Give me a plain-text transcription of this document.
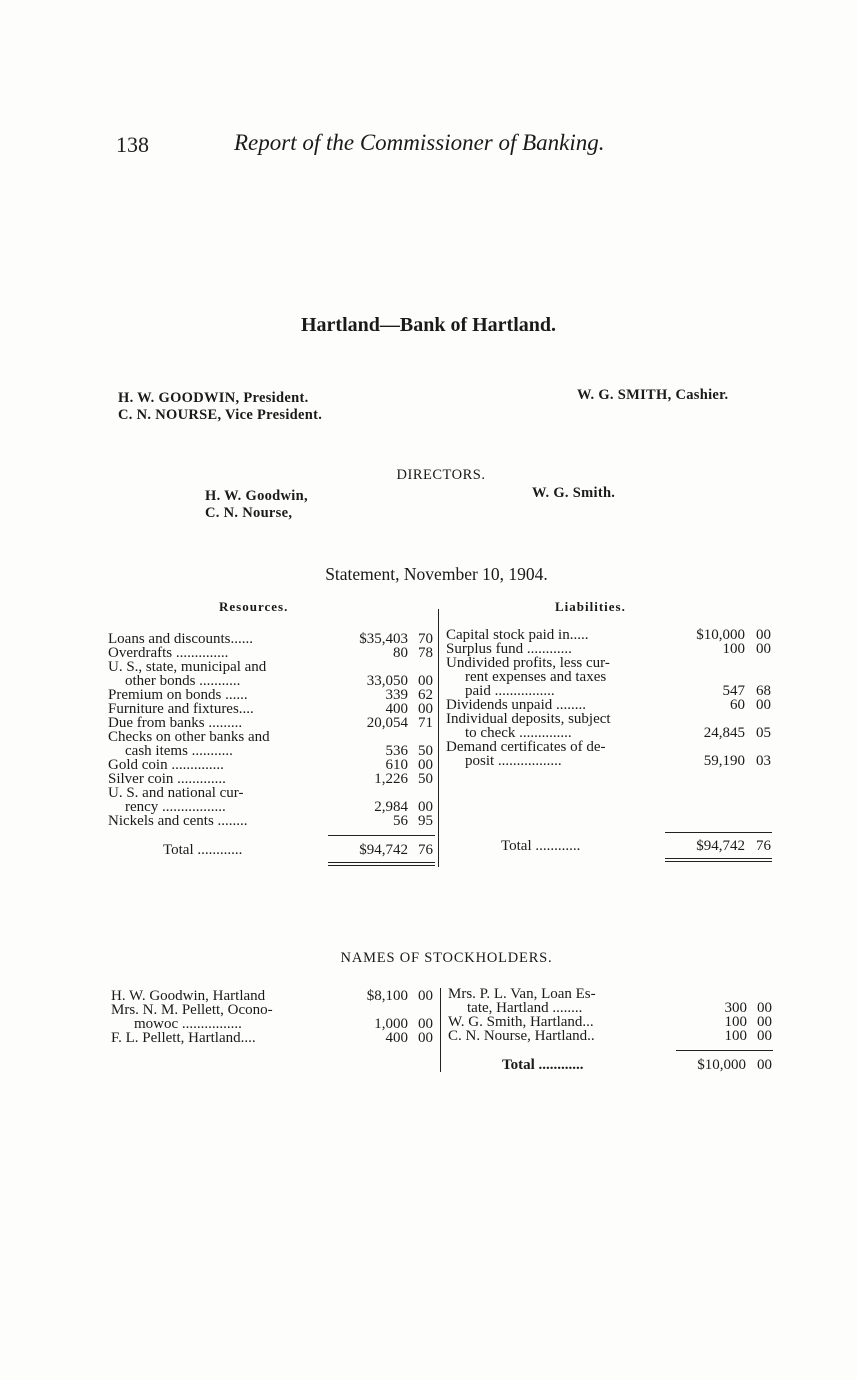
138	Report of the Commissioner of Banking.
Hartland—Bank of Hartland.
H. W. GOODWIN, President.
C. N. NOURSE, Vice President.
W. G. SMITH, Cashier.
DIRECTORS.
H. W. Goodwin,
C. N. Nourse,
W. G. Smith.
Statement, November 10, 1904.
Resources.	Liabilities.
Loans and discounts......	$35,403 70
Overdrafts ..............	80 78
U. S., state, municipal and
other bonds ...........	33,050 00
Premium on bonds ......	339 62
Furniture and fixtures....	400 00
Due from banks .........	20,054 71
Checks on other banks and
cash items ...........	536 50
Gold coin ..............	610 00
Silver coin .............	1,226 50
U. S. and national cur-
rency .................	2,984 00
Nickels and cents ........	56 95
Total ............	$94,742 76
Capital stock paid in.....	$10,000 00
Surplus fund ............	100 00
Undivided profits, less cur-
rent expenses and taxes
paid ................	547 68
Dividends unpaid ........	60 00
Individual deposits, subject
to check ..............	24,845 05
Demand certificates of de-
posit .................	59,190 03
Total ............	$94,742 76
NAMES OF STOCKHOLDERS.
H. W. Goodwin, Hartland	$8,100 00
Mrs. N. M. Pellett, Ocono-
mowoc ................	1,000 00
F. L. Pellett, Hartland....	400 00
Mrs. P. L. Van, Loan Es-
tate, Hartland ........	300 00
W. G. Smith, Hartland...	100 00
C. N. Nourse, Hartland..	100 00
Total ............	$10,000 00
